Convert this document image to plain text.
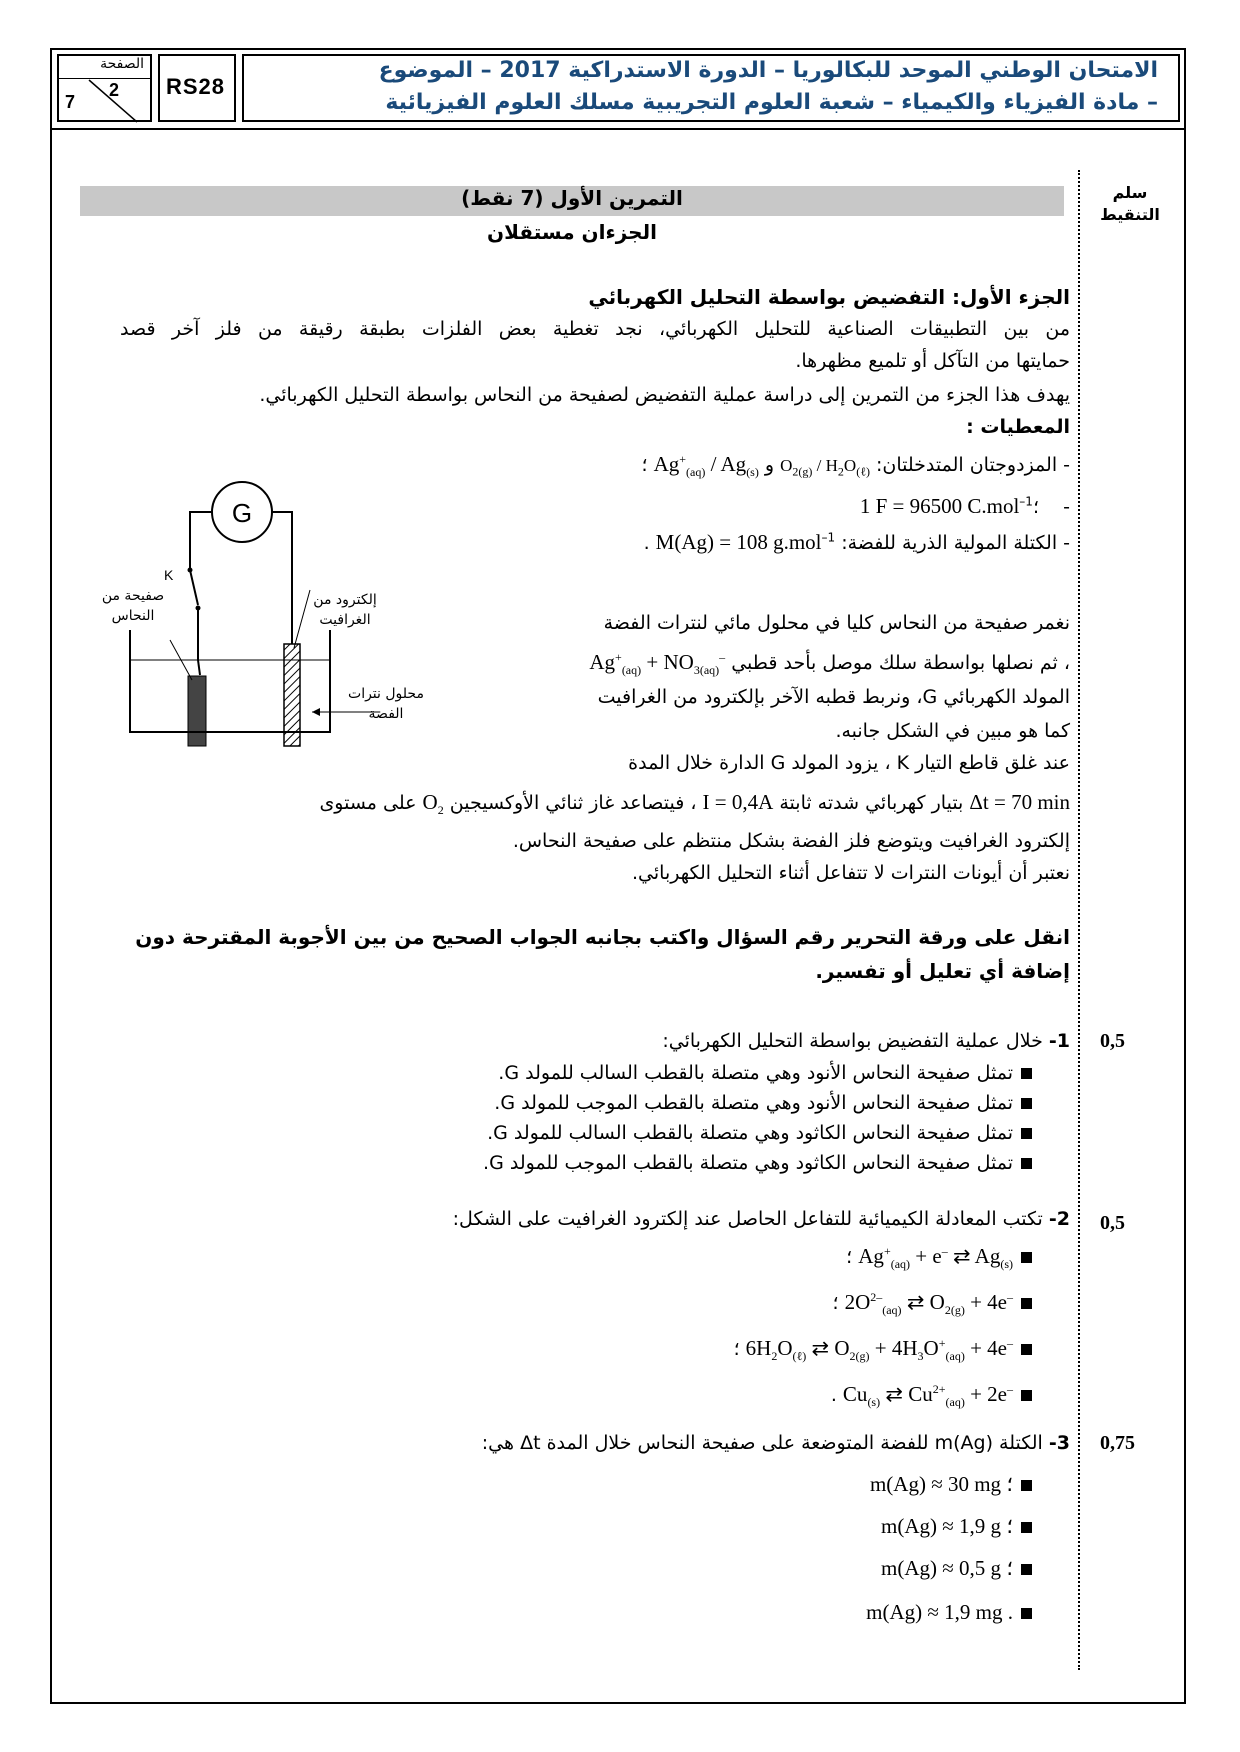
الصفحة
2
7
RS28
الامتحان الوطني الموحد للبكالوريا – الدورة الاستدراكية 2017 – الموضوع
– مادة الفيزياء والكيمياء – شعبة العلوم التجريبية مسلك العلوم الفيزيائية
سلم التنقيط
التمرين الأول (7 نقط)
الجزءان مستقلان
الجزء الأول: التفضيض بواسطة التحليل الكهربائي
من بين التطبيقات الصناعية للتحليل الكهربائي، نجد تغطية بعض الفلزات بطبقة رقيقة من فلز آخر قصد
حمايتها من التآكل أو تلميع مظهرها.
يهدف هذا الجزء من التمرين إلى دراسة عملية التفضيض لصفيحة من النحاس بواسطة التحليل الكهربائي.
المعطيات :
- المزدوجتان المتدخلتان: $O_{2(g)} / H_2O_{(\ell)}$ و $Ag^+_{(aq)} / Ag_{(s)}$ ؛
-    ؛1 F = 96500 C.mol$^{-1}$
- الكتلة المولية الذرية للفضة: M(Ag) = 108 g.mol$^{-1}$ .
G
K
صفيحة من النحاس
إلكترود من الغرافيت
محلول نترات الفضة
نغمر صفيحة من النحاس كليا في محلول مائي لنترات الفضة
، ثم نصلها بواسطة سلك موصل بأحد قطبي $Ag^+_{(aq)} + NO_{3(aq)}^-$
المولد الكهربائي G، ونربط قطبه الآخر بإلكترود من الغرافيت
كما هو مبين في الشكل جانبه.
عند غلق قاطع التيار K ، يزود المولد G الدارة خلال المدة
Δt = 70 min بتيار كهربائي شدته ثابتة I = 0,4A ، فيتصاعد غاز ثنائي الأوكسيجين $O_2$ على مستوى
إلكترود الغرافيت ويتوضع فلز الفضة بشكل منتظم على صفيحة النحاس.
نعتبر أن أيونات النترات لا تتفاعل أثناء التحليل الكهربائي.
انقل على ورقة التحرير رقم السؤال واكتب بجانبه الجواب الصحيح من بين الأجوبة المقترحة دون إضافة أي تعليل أو تفسير.
0,5
1- خلال عملية التفضيض بواسطة التحليل الكهربائي:
تمثل صفيحة النحاس الأنود وهي متصلة بالقطب السالب للمولد G.
تمثل صفيحة النحاس الأنود وهي متصلة بالقطب الموجب للمولد G.
تمثل صفيحة النحاس الكاثود وهي متصلة بالقطب السالب للمولد G.
تمثل صفيحة النحاس الكاثود وهي متصلة بالقطب الموجب للمولد G.
0,5
2- تكتب المعادلة الكيميائية للتفاعل الحاصل عند إلكترود الغرافيت على الشكل:
$Ag^+_{(aq)} + e^-$ ⇄ $Ag_{(s)}$ ؛
$2O^{2-}_{(aq)}$ ⇄ $O_{2(g)} + 4e^-$ ؛
$6H_2O_{(\ell)}$ ⇄ $O_{2(g)} + 4H_3O^+_{(aq)} + 4e^-$ ؛
$Cu_{(s)}$ ⇄ $Cu^{2+}_{(aq)} + 2e^-$ .
0,75
3- الكتلة m(Ag) للفضة المتوضعة على صفيحة النحاس خلال المدة Δt هي:
m(Ag) ≈ 30 mg ؛
m(Ag) ≈ 1,9 g ؛
m(Ag) ≈ 0,5 g ؛
m(Ag) ≈ 1,9 mg .
